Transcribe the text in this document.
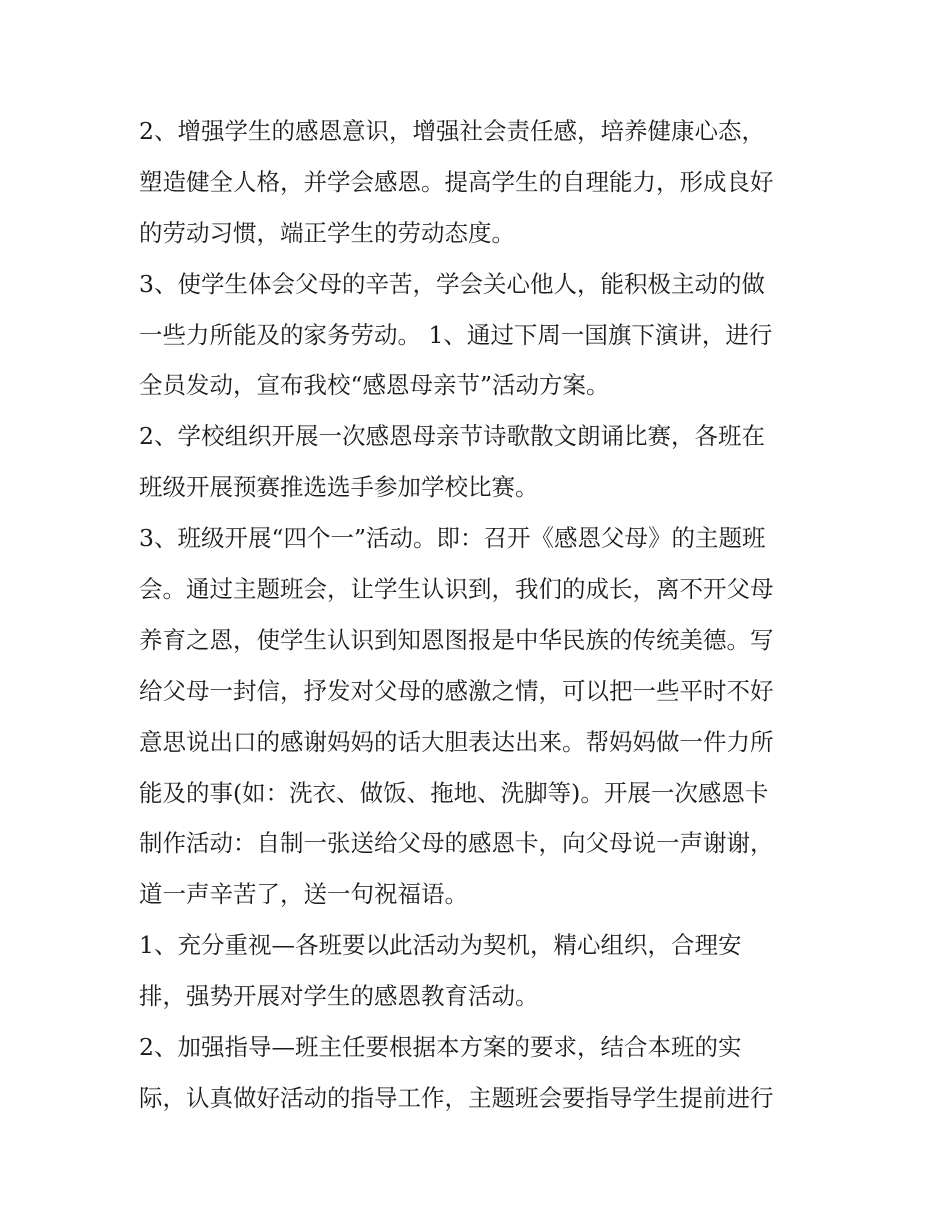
2、增强学生的感恩意识，增强社会责任感，培养健康心态，
塑造健全人格，并学会感恩。提高学生的自理能力，形成良好
的劳动习惯，端正学生的劳动态度。
3、使学生体会父母的辛苦，学会关心他人，能积极主动的做
一些力所能及的家务劳动。 1、通过下周一国旗下演讲，进行
全员发动，宣布我校“感恩母亲节”活动方案。
2、学校组织开展一次感恩母亲节诗歌散文朗诵比赛，各班在
班级开展预赛推选选手参加学校比赛。
3、班级开展“四个一”活动。即：召开《感恩父母》的主题班
会。通过主题班会，让学生认识到，我们的成长，离不开父母
养育之恩，使学生认识到知恩图报是中华民族的传统美德。写
给父母一封信，抒发对父母的感激之情，可以把一些平时不好
意思说出口的感谢妈妈的话大胆表达出来。帮妈妈做一件力所
能及的事(如：洗衣、做饭、拖地、洗脚等)。开展一次感恩卡
制作活动：自制一张送给父母的感恩卡，向父母说一声谢谢，
道一声辛苦了，送一句祝福语。
1、充分重视—各班要以此活动为契机，精心组织，合理安
排，强势开展对学生的感恩教育活动。
2、加强指导—班主任要根据本方案的要求，结合本班的实
际，认真做好活动的指导工作，主题班会要指导学生提前进行
